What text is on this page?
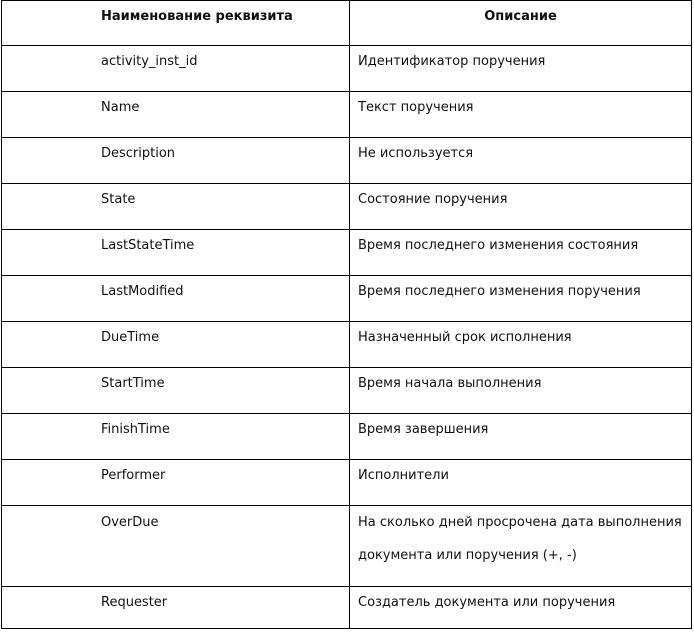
Наименование реквизита	Описание
activity_inst_id	Идентификатор поручения
Name	Текст поручения
Description	Не используется
State	Состояние поручения
LastStateTime	Время последнего изменения состояния
LastModified	Время последнего изменения поручения
DueTime	Назначенный срок исполнения
StartTime	Время начала выполнения
FinishTime	Время завершения
Performer	Исполнители
OverDue	На сколько дней просрочена дата выполнения документа или поручения (+, -)
Requester	Создатель документа или поручения
